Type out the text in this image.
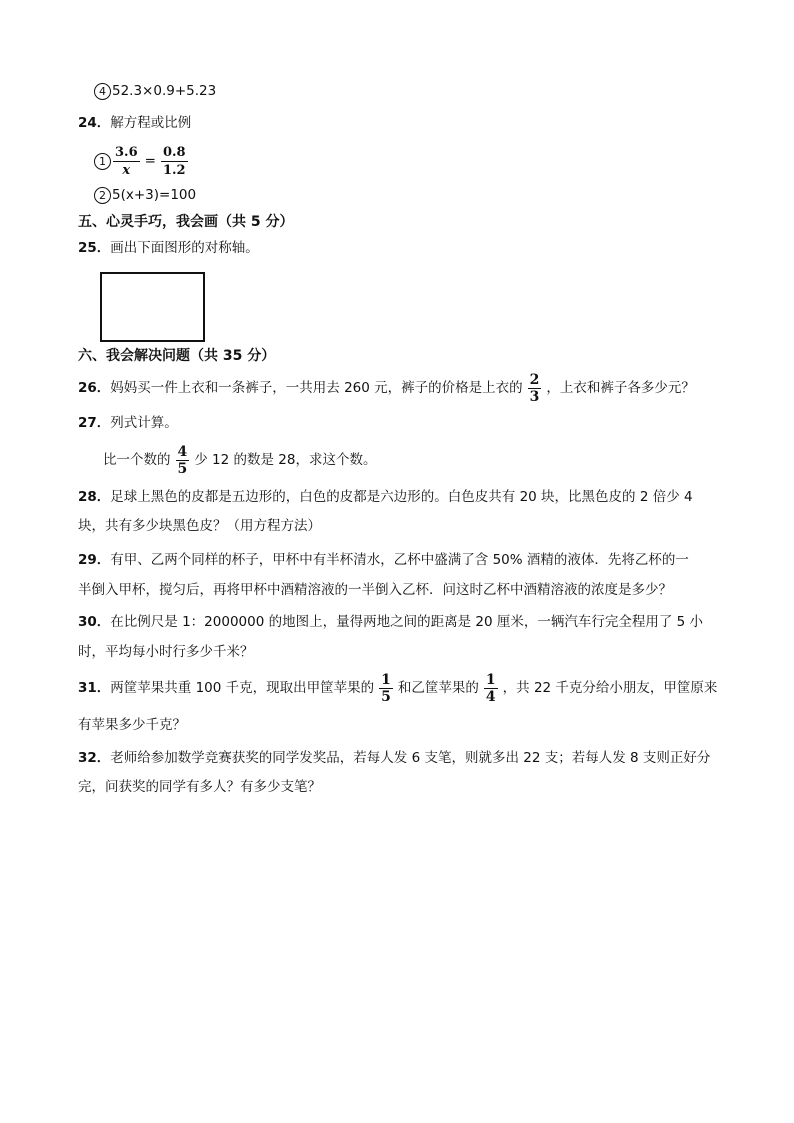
4 52.3×0.9+5.23
24．解方程或比例
$1 \frac{3.6}{x} = \frac{0.8}{1.2}$
2 5(x+3)=100
五、心灵手巧，我会画（共 5 分）
25．画出下面图形的对称轴。
六、我会解决问题（共 35 分）
26．妈妈买一件上衣和一条裤子，一共用去 260 元，裤子的价格是上衣的 $\frac{2}{3}$ ，上衣和裤子各多少元？
27．列式计算。
比一个数的 $\frac{4}{5}$ 少 12 的数是 28，求这个数。
28．足球上黑色的皮都是五边形的，白色的皮都是六边形的。白色皮共有 20 块，比黑色皮的 2 倍少 4
块，共有多少块黑色皮？（用方程方法）
29．有甲、乙两个同样的杯子，甲杯中有半杯清水，乙杯中盛满了含 50% 酒精的液体．先将乙杯的一
半倒入甲杯，搅匀后，再将甲杯中酒精溶液的一半倒入乙杯．问这时乙杯中酒精溶液的浓度是多少？
30．在比例尺是 1：2000000 的地图上，量得两地之间的距离是 20 厘米，一辆汽车行完全程用了 5 小
时，平均每小时行多少千米？
31．两筐苹果共重 100 千克，现取出甲筐苹果的 $\frac{1}{5}$ 和乙筐苹果的 $\frac{1}{4}$ ，共 22 千克分给小朋友，甲筐原来
有苹果多少千克？
32．老师给参加数学竞赛获奖的同学发奖品，若每人发 6 支笔，则就多出 22 支；若每人发 8 支则正好分
完，问获奖的同学有多人？有多少支笔？
